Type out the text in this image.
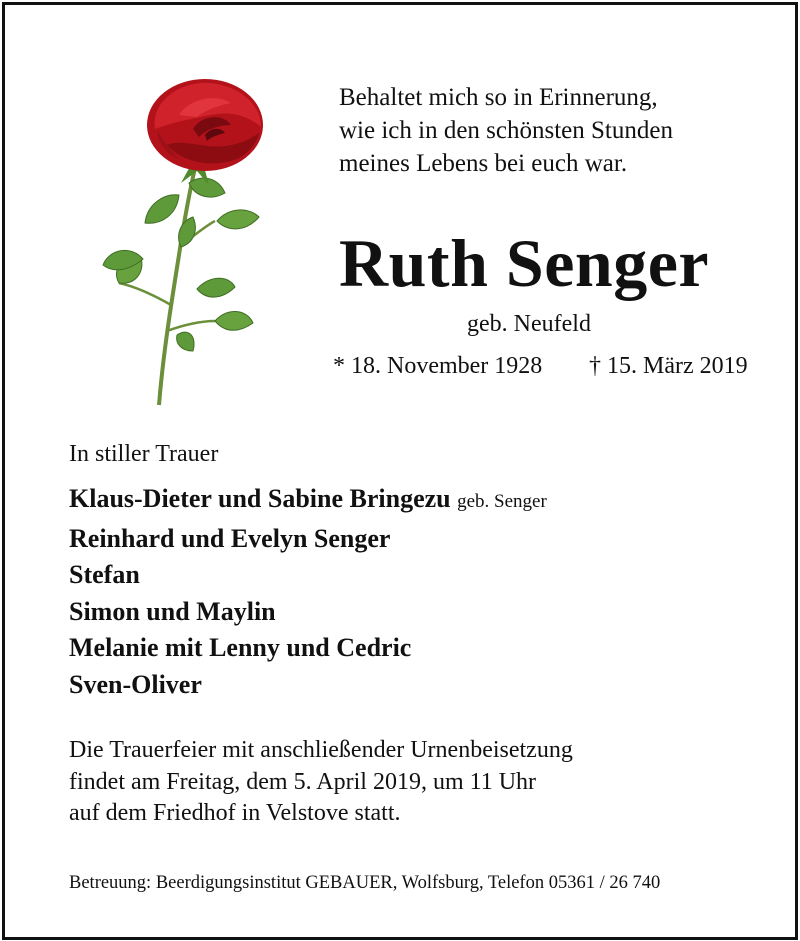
Behaltet mich so in Erinnerung,
wie ich in den schönsten Stunden
meines Lebens bei euch war.
Ruth Senger
geb. Neufeld
* 18. November 1928 † 15. März 2019
In stiller Trauer
Klaus-Dieter und Sabine Bringezu geb. Senger
Reinhard und Evelyn Senger
Stefan
Simon und Maylin
Melanie mit Lenny und Cedric
Sven-Oliver
Die Trauerfeier mit anschließender Urnenbeisetzung
findet am Freitag, dem 5. April 2019, um 11 Uhr
auf dem Friedhof in Velstove statt.
Betreuung: Beerdigungsinstitut GEBAUER, Wolfsburg, Telefon 05361 / 26 740
